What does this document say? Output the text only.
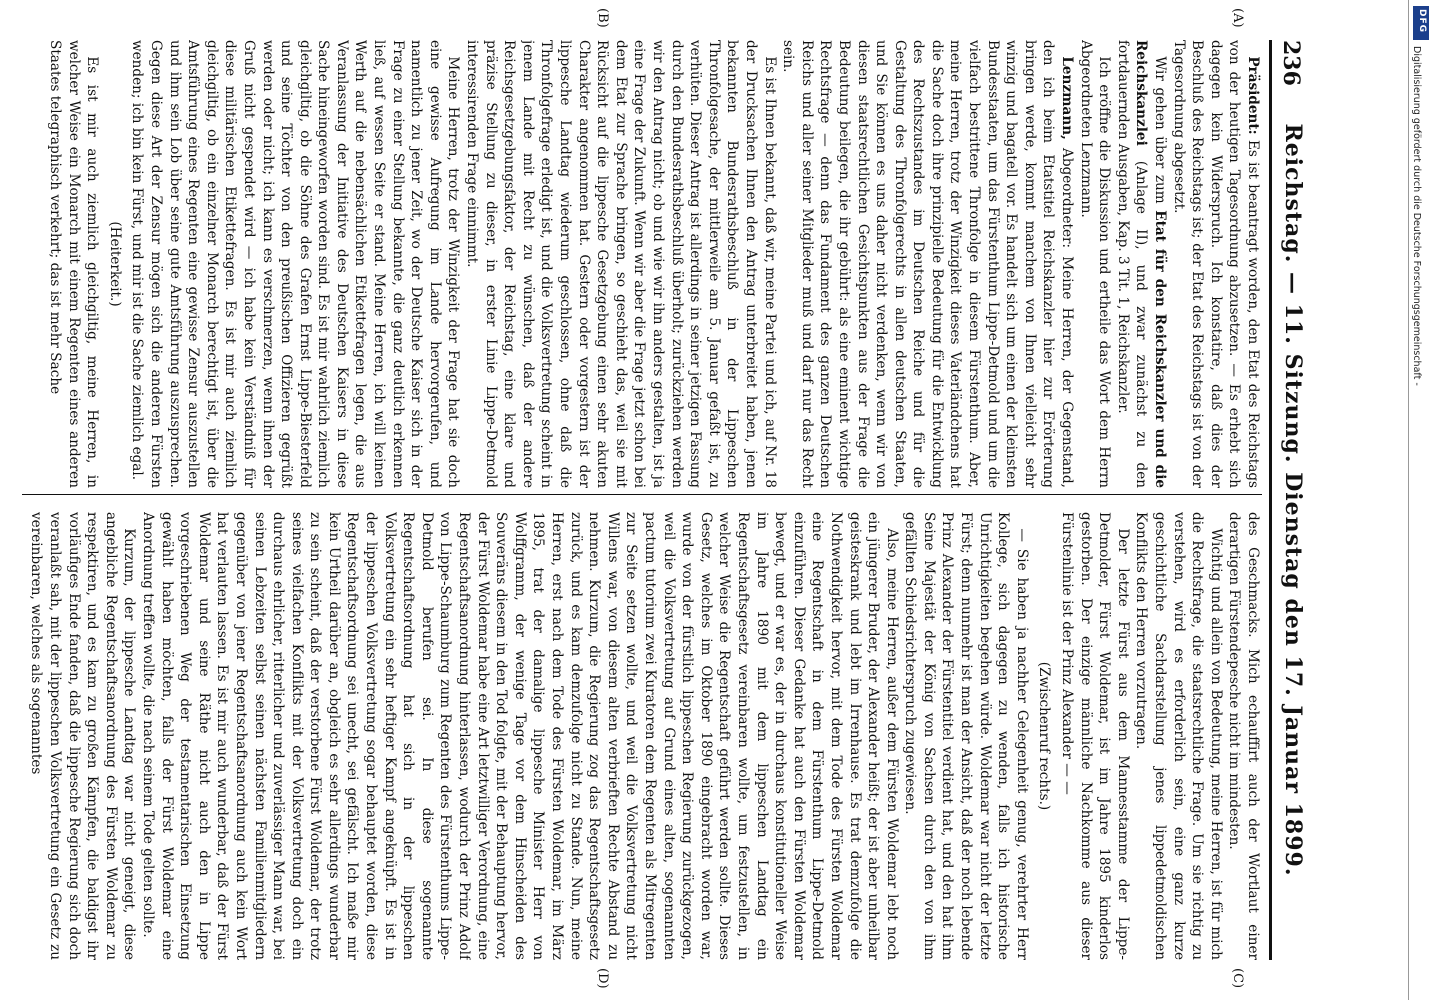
236
Reichstag. — 11. Sitzung. Dienstag den 17. Januar 1899.
(A)
(B)
(C)
(D)

Präsident: Es ist beantragt worden, den Etat des Reichstags von der heutigen Tagesordnung abzusetzen. — Es erhebt sich dagegen kein Widerspruch. Ich konstatire, daß dies der Beschluß des Reichstags ist; der Etat des Reichstags ist von der Tagesordnung abgesetzt.

Wir gehen über zum Etat für den Reichskanzler und die Reichskanzlei (Anlage II), und zwar zunächst zu den fortdauernden Ausgaben, Kap. 3 Tit. 1, Reichskanzler.

Ich eröffne die Diskussion und ertheile das Wort dem Herrn Abgeordneten Lenzmann.

Lenzmann, Abgeordneter: Meine Herren, der Gegenstand, den ich beim Etatstitel Reichskanzler hier zur Erörterung bringen werde, kommt manchem von Ihnen vielleicht sehr winzig und bagatell vor. Es handelt sich um einen der kleinsten Bundesstaaten, um das Fürstenthum Lippe-Detmold und um die vielfach bestrittene Thronfolge in diesem Fürstenthum. Aber, meine Herren, trotz der Winzigkeit dieses Vaterländchens hat die Sache doch ihre prinzipielle Bedeutung für die Entwicklung des Rechtszustandes im Deutschen Reiche und für die Gestaltung des Thronfolgerechts in allen deutschen Staaten, und Sie können es uns daher nicht verdenken, wenn wir von diesen staatsrechtlichen Gesichtspunkten aus der Frage die Bedeutung beilegen, die ihr gebührt: als eine eminent wichtige Rechtsfrage — denn das Fundament des ganzen Deutschen Reichs und aller seiner Mitglieder muß und darf nur das Recht sein.

Es ist Ihnen bekannt, daß wir, meine Partei und ich, auf Nr. 18 der Drucksachen Ihnen den Antrag unterbreitet haben, jenen bekannten Bundesrathsbeschluß in der Lippeschen Thronfolgesache, der mittlerweile am 5. Januar gefaßt ist, zu verhüten. Dieser Antrag ist allerdings in seiner jetzigen Fassung durch den Bundesrathsbeschluß überholt; zurückziehen werden wir den Antrag nicht; ob und wie wir ihn anders gestalten, ist ja eine Frage der Zukunft. Wenn wir aber die Frage jetzt schon bei dem Etat zur Sprache bringen, so geschieht das, weil sie mit Rücksicht auf die lippesche Gesetzgebung einen sehr akuten Charakter angenommen hat. Gestern oder vorgestern ist der lippesche Landtag wiederum geschlossen, ohne daß die Thronfolgefrage erledigt ist, und die Volksvertretung scheint in jenem Lande mit Recht zu wünschen, daß der andere Reichsgesetzgebungsfaktor, der Reichstag, eine klare und präzise Stellung zu dieser, in erster Linie Lippe-Detmold interessirenden Frage einnimmt.

Meine Herren, trotz der Winzigkeit der Frage hat sie doch eine gewisse Aufregung im Lande hervorgerufen, und namentlich zu jener Zeit, wo der Deutsche Kaiser sich in der Frage zu einer Stellung bekannte, die ganz deutlich erkennen ließ, auf wessen Seite er stand. Meine Herren, ich will keinen Werth auf die nebensächlichen Etikettefragen legen, die aus Veranlassung der Initiative des Deutschen Kaisers in diese Sache hineingeworfen worden sind. Es ist mir wahrlich ziemlich gleichgiltig, ob die Söhne des Grafen Ernst Lippe-Biesterfeld und seine Töchter von den preußischen Offizieren gegrüßt werden oder nicht; ich kann es verschmerzen, wenn ihnen der Gruß nicht gespendet wird — ich habe kein Verständniß für diese militärischen Etikettefragen. Es ist mir auch ziemlich gleichgiltig, ob ein einzelner Monarch berechtigt ist, über die Amtsführung eines Regenten eine gewisse Zensur auszustellen und ihm sein Lob über seine gute Amtsführung auszusprechen. Gegen diese Art der Zensur mögen sich die anderen Fürsten wenden; ich bin kein Fürst, und mir ist die Sache ziemlich egal.

(Heiterkeit.)

Es ist mir auch ziemlich gleichgiltig, meine Herren, in welcher Weise ein Monarch mit einem Regenten eines anderen Staates telegraphisch verkehrt; das ist mehr Sache

des Geschmacks. Mich echauffirt auch der Wortlaut einer derartigen Fürstendepesche nicht im mindesten.

Wichtig und allein von Bedeutung, meine Herren, ist für mich die Rechtsfrage, die staatsrechtliche Frage. Um sie richtig zu verstehen, wird es erforderlich sein, eine ganz kurze geschichtliche Sachdarstellung jenes lippedetmoldischen Konflikts den Herren vorzutragen.

Der letzte Fürst aus dem Mannesstamme der Lippe-Detmolder, Fürst Woldemar, ist im Jahre 1895 kinderlos gestorben. Der einzige männliche Nachkomme aus dieser Fürstenlinie ist der Prinz Alexander — —

(Zwischenruf rechts.)

— Sie haben ja nachher Gelegenheit genug, verehrter Herr Kollege, sich dagegen zu wenden, falls ich historische Unrichtigkeiten begehen würde. Woldemar war nicht der letzte Fürst; denn nunmehr ist man der Ansicht, daß der noch lebende Prinz Alexander der Fürstentitel verdient hat, und den hat ihm Seine Majestät der König von Sachsen durch den von ihm gefällten Schiedsrichterspruch zugewiesen.

Also, meine Herren, außer dem Fürsten Woldemar lebt noch ein jüngerer Bruder, der Alexander heißt; der ist aber unheilbar geisteskrank und lebt im Irrenhause. Es trat demzufolge die Nothwendigkeit hervor, mit dem Tode des Fürsten Woldemar eine Regentschaft in dem Fürstenthum Lippe-Detmold einzuführen. Dieser Gedanke hat auch den Fürsten Woldemar bewegt, und er war es, der in durchaus konstitutioneller Weise im Jahre 1890 mit dem lippeschen Landtag ein Regentschaftsgesetz vereinbaren wollte, um festzustellen, in welcher Weise die Regentschaft geführt werden sollte. Dieses Gesetz, welches im Oktober 1890 eingebracht worden war, wurde von der fürstlich lippeschen Regierung zurückgezogen, weil die Volksvertretung auf Grund eines alten, sogenannten pactum tutorium zwei Kuratoren dem Regenten als Mitregenten zur Seite setzen wollte, und weil die Volksvertretung nicht Willens war, von diesem alten verbrieften Rechte Abstand zu nehmen. Kurzum, die Regierung zog das Regentschaftsgesetz zurück, und es kam demzufolge nicht zu Stande. Nun, meine Herren, erst nach dem Tode des Fürsten Woldemar, im März 1895, trat der damalige lippesche Minister Herr von Wolffgramm, der wenige Tage vor dem Hinscheiden des Souveräns diesem in den Tod folgte, mit der Behauptung hervor, der Fürst Woldemar habe eine Art letztwilliger Verordnung, eine Regentschaftsanordnung hinterlassen, wodurch der Prinz Adolf von Lippe-Schaumburg zum Regenten des Fürstenthums Lippe-Detmold berufen sei. In diese sogenannte Regentschaftsordnung hat sich in der lippeschen Volksvertretung ein sehr heftiger Kampf angeknüpft. Es ist in der lippeschen Volksvertretung sogar behauptet worden, diese Regentschaftsordnung sei unecht, sei gefälscht. Ich maße mir kein Urtheil darüber an, obgleich es sehr allerdings wunderbar zu sein scheint, daß der verstorbene Fürst Woldemar, der trotz seines vielfachen Konflikts mit der Volksvertretung doch ein durchaus ehrlicher, ritterlicher und zuverlässiger Mann war, bei seinen Lebzeiten selbst seinen nächsten Familienmitgliedern gegenüber von jener Regentschaftsanordnung auch kein Wort hat verlauten lassen. Es ist mir auch wunderbar, daß der Fürst Woldemar und seine Räthe nicht auch den in Lippe vorgeschriebenen Weg der testamentarischen Einsetzung gewählt haben möchten, falls der Fürst Woldemar eine Anordnung treffen wollte, die nach seinem Tode gelten sollte.

Kurzum, der lippesche Landtag war nicht geneigt, diese angebliche Regentschaftsanordnung des Fürsten Woldemar zu respektiren, und es kam zu großen Kämpfen, die baldigst ihr vorläufiges Ende fanden, daß die lippesche Regierung sich doch veranlaßt sah, mit der lippeschen Volksvertretung ein Gesetz zu vereinbaren, welches als sogenanntes

DFG
Digitalisierung gefördert durch die Deutsche Forschungsgemeinschaft -
